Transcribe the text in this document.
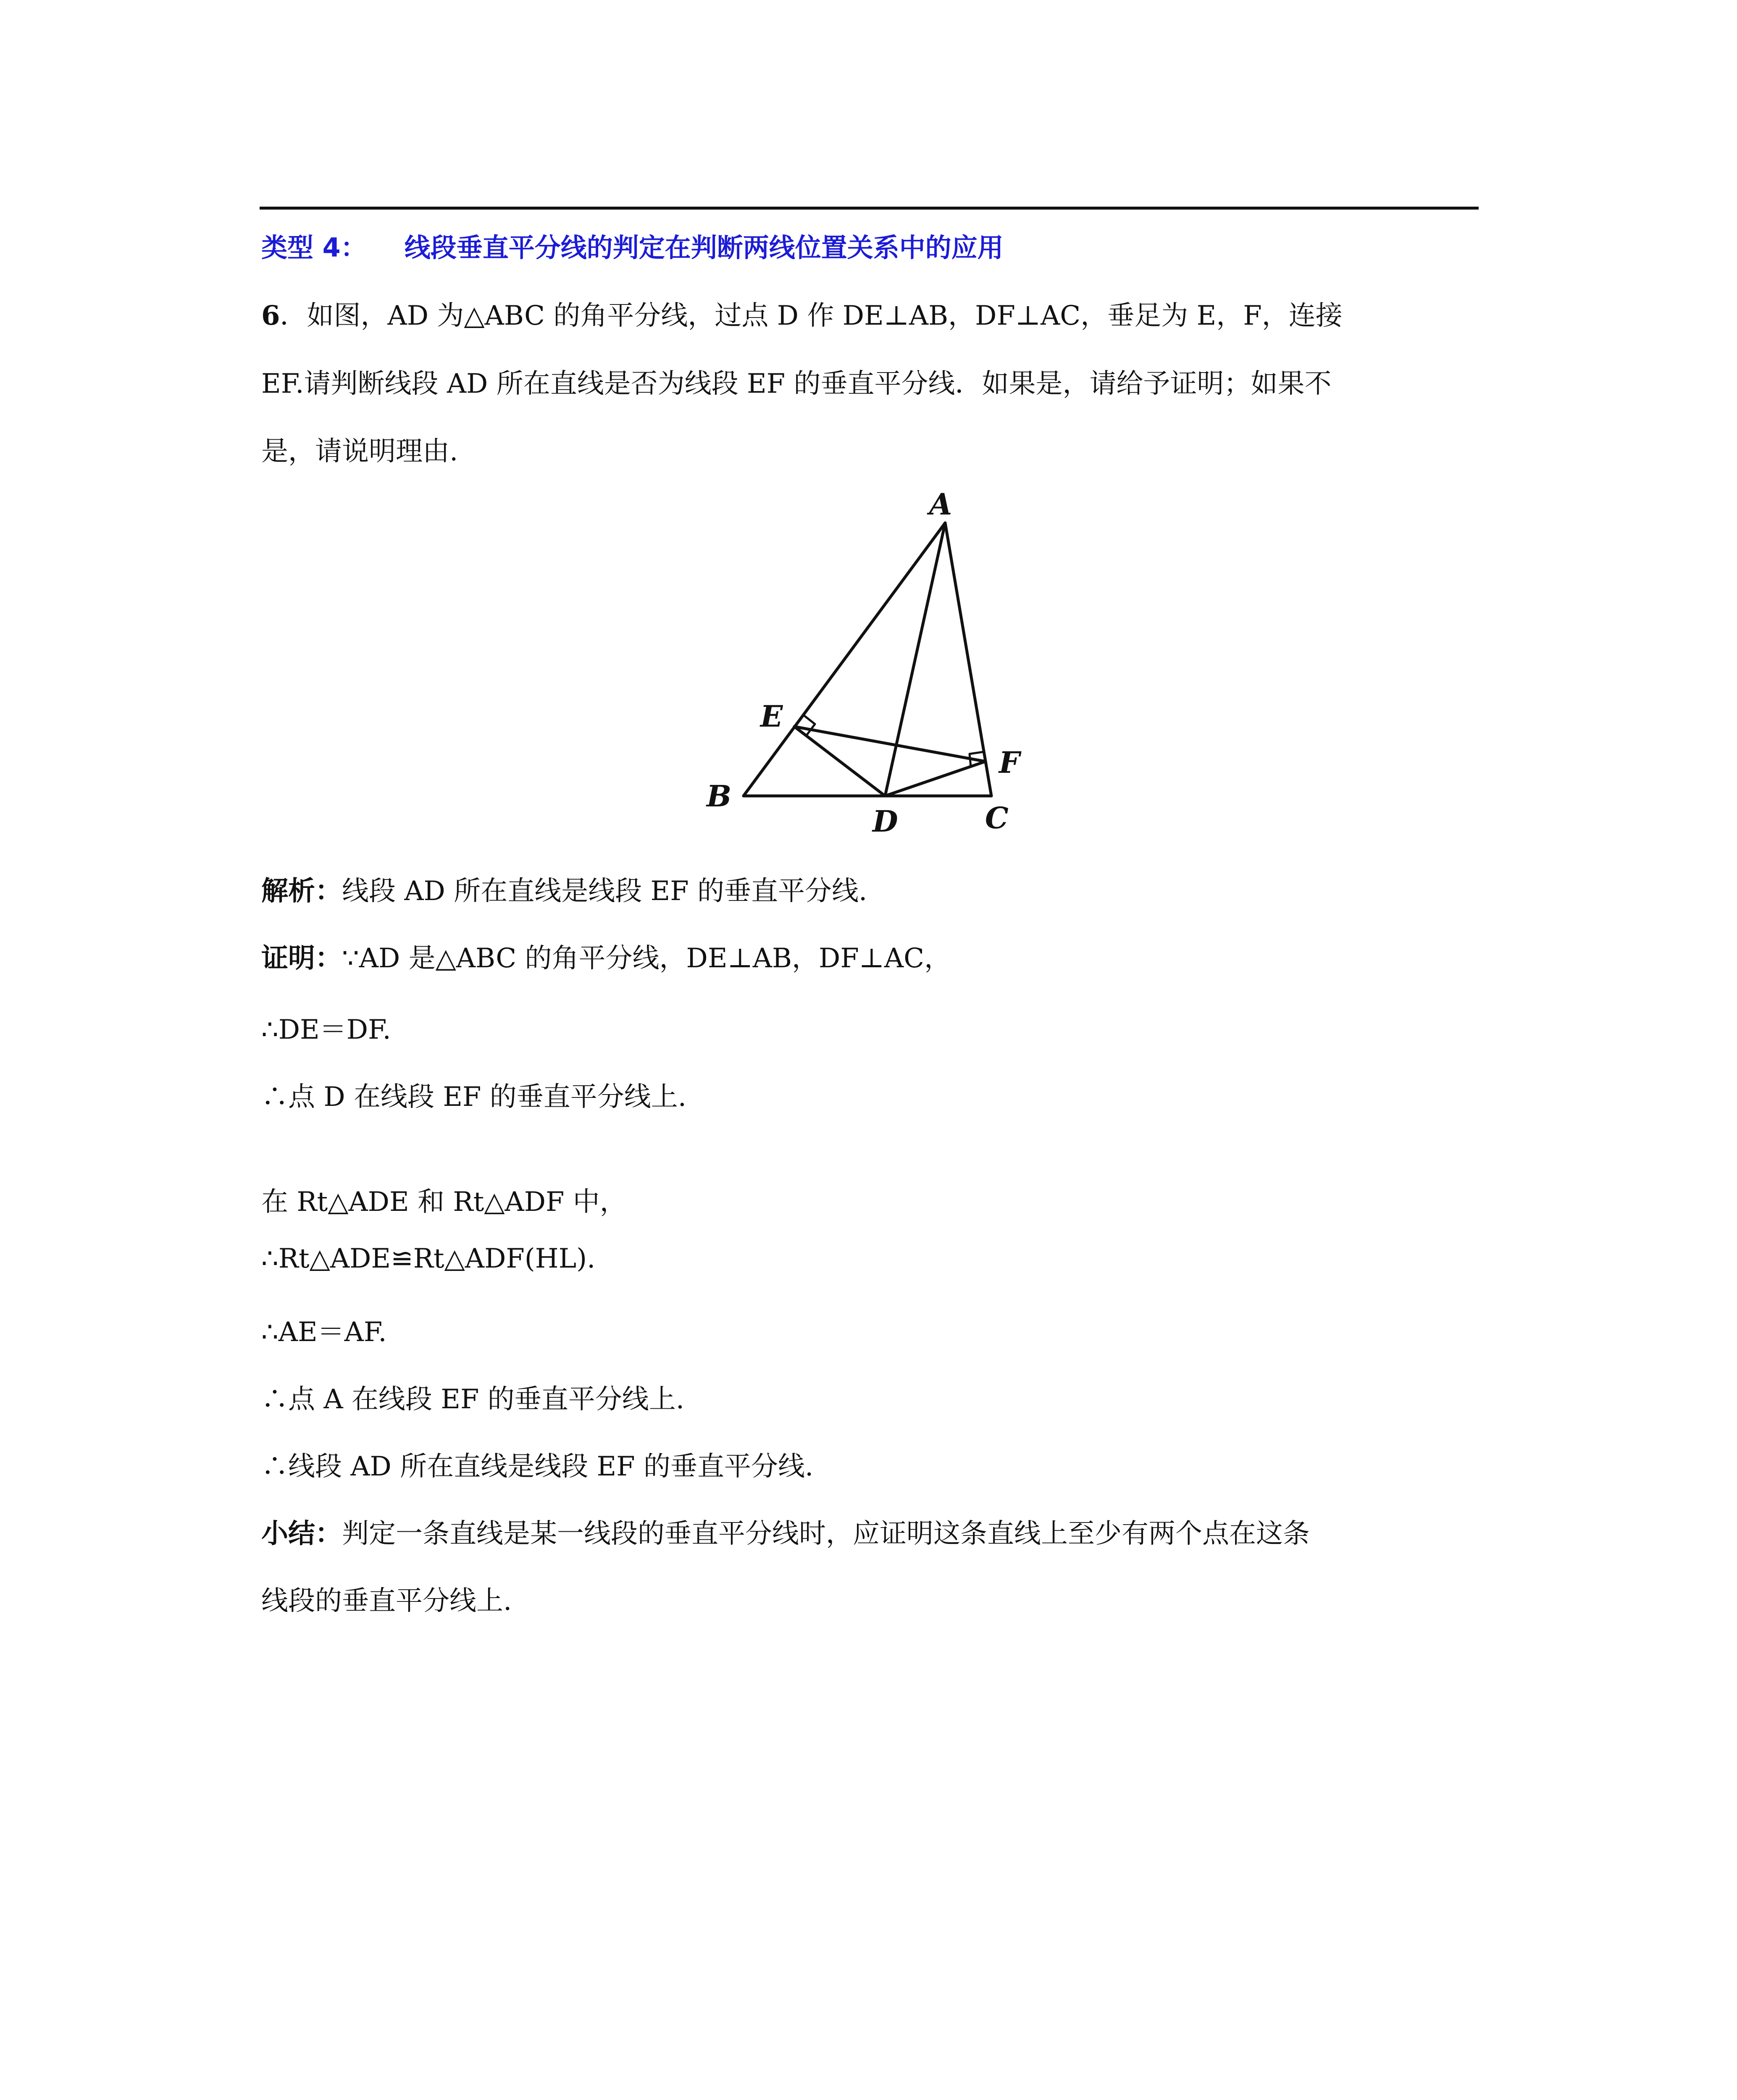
类型 4： 线段垂直平分线的判定在判断两线位置关系中的应用
6．如图，AD 为△ABC 的角平分线，过点 D 作 DE⊥AB，DF⊥AC，垂足为 E，F，连接
EF.请判断线段 AD 所在直线是否为线段 EF 的垂直平分线．如果是，请给予证明；如果不
是，请说明理由.
A
B
C
D
E
F
解析：线段 AD 所在直线是线段 EF 的垂直平分线.
证明：∵AD 是△ABC 的角平分线，DE⊥AB，DF⊥AC，
∴DE＝DF.
∴点 D 在线段 EF 的垂直平分线上.
在 Rt△ADE 和 Rt△ADF 中，
∴Rt△ADE≌Rt△ADF(HL).
∴AE＝AF.
∴点 A 在线段 EF 的垂直平分线上.
∴线段 AD 所在直线是线段 EF 的垂直平分线.
小结：判定一条直线是某一线段的垂直平分线时，应证明这条直线上至少有两个点在这条
线段的垂直平分线上.
